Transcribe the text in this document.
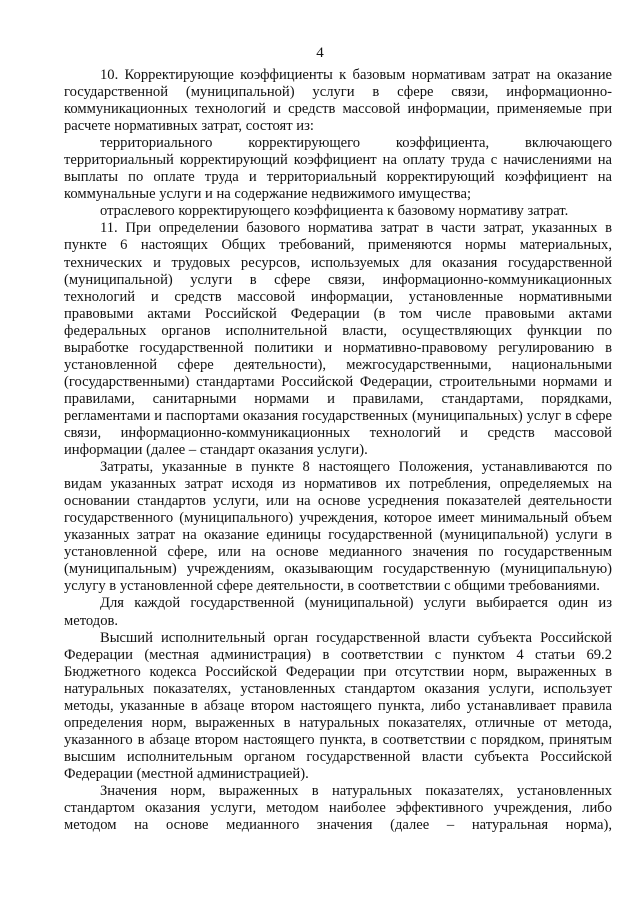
4

10. Корректирующие коэффициенты к базовым нормативам затрат на оказание государственной (муниципальной) услуги в сфере связи, информационно-коммуникационных технологий и средств массовой информации, применяемые при расчете нормативных затрат, состоят из:

территориального корректирующего коэффициента, включающего территориальный корректирующий коэффициент на оплату труда с начислениями на выплаты по оплате труда и территориальный корректирующий коэффициент на коммунальные услуги и на содержание недвижимого имущества;

отраслевого корректирующего коэффициента к базовому нормативу затрат.

11. При определении базового норматива затрат в части затрат, указанных в пункте 6 настоящих Общих требований, применяются нормы материальных, технических и трудовых ресурсов, используемых для оказания государственной (муниципальной) услуги в сфере связи, информационно-коммуникационных технологий и средств массовой информации, установленные нормативными правовыми актами Российской Федерации (в том числе правовыми актами федеральных органов исполнительной власти, осуществляющих функции по выработке государственной политики и нормативно-правовому регулированию в установленной сфере деятельности), межгосударственными, национальными (государственными) стандартами Российской Федерации, строительными нормами и правилами, санитарными нормами и правилами, стандартами, порядками, регламентами и паспортами оказания государственных (муниципальных) услуг в сфере связи, информационно-коммуникационных технологий и средств массовой информации (далее – стандарт оказания услуги).

Затраты, указанные в пункте 8 настоящего Положения, устанавливаются по видам указанных затрат исходя из нормативов их потребления, определяемых на основании стандартов услуги, или на основе усреднения показателей деятельности государственного (муниципального) учреждения, которое имеет минимальный объем указанных затрат на оказание единицы государственной (муниципальной) услуги в установленной сфере, или на основе медианного значения по государственным (муниципальным) учреждениям, оказывающим государственную (муниципальную) услугу в установленной сфере деятельности, в соответствии с общими требованиями.

Для каждой государственной (муниципальной) услуги выбирается один из методов.

Высший исполнительный орган государственной власти субъекта Российской Федерации (местная администрация) в соответствии с пунктом 4 статьи 69.2 Бюджетного кодекса Российской Федерации при отсутствии норм, выраженных в натуральных показателях, установленных стандартом оказания услуги, использует методы, указанные в абзаце втором настоящего пункта, либо устанавливает правила определения норм, выраженных в натуральных показателях, отличные от метода, указанного в абзаце втором настоящего пункта, в соответствии с порядком, принятым высшим исполнительным органом государственной власти субъекта Российской Федерации (местной администрацией).

Значения норм, выраженных в натуральных показателях, установленных стандартом оказания услуги, методом наиболее эффективного учреждения, либо методом на основе медианного значения (далее – натуральная норма),
